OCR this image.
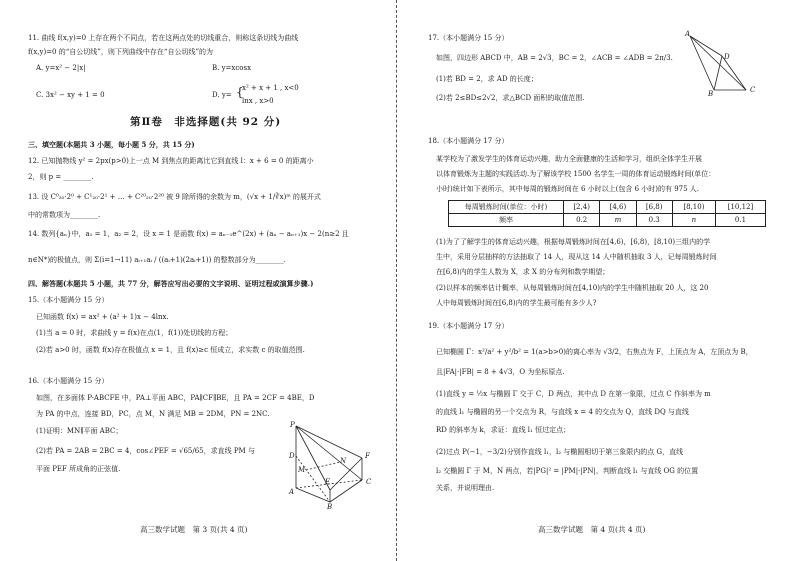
11. 曲线 f(x,y)=0 上存在两个不同点，若在这两点处的切线重合，则称这条切线为曲线
f(x,y)=0 的“自公切线”，则下列曲线中存在“自公切线”的为
A. y=x² − 2|x|	B. y=xcosx
C. 3x² − xy + 1 = 0	D. y= {
x² + x + 1 , x<0
lnx , x>0
第Ⅱ卷　非选择题(共 92 分)
三、填空题(本题共 3 小题，每小题 5 分，共 15 分)
12. 已知抛物线 y² = 2px(p>0)上一点 M 到焦点的距离比它到直线 l：x + 6 = 0 的距离小
2，则 p = ________.
13. 设 C⁰₂₀·2⁰ + C¹₂₀·2¹ + … + C²⁰₂₀·2²⁰ 被 9 除所得的余数为 m，(√x + 1/∛x)ᵐ 的展开式
中的常数项为________.
14. 数列{aₙ}中，a₁ = 1，a₂ = 2，设 x = 1 是函数 f(x) = aₙ₋₁e^(2x) + (aₙ − aₙ₊₁)x − 2(n≥2 且
n∈N*)的极值点，则 Σ(i=1→11) aᵢ₊₁aᵢ / ((aᵢ+1)(2aᵢ+1)) 的整数部分为________.
四、解答题(本题共 5 小题，共 77 分，解答应写出必要的文字说明、证明过程或演算步骤.)
15.（本小题满分 15 分）
已知函数 f(x) = ax² + (a² + 1)x − 4lnx.
(1)当 a = 0 时，求曲线 y = f(x)在点(1，f(1))处切线的方程；
(2)若 a>0 时，函数 f(x)存在极值点 x = 1，且 f(x)≥c 恒成立，求实数 c 的取值范围.
16.（本小题满分 15 分）
如图，在多面体 P-ABCFE 中，PA⊥平面 ABC，PA∥CF∥BE，且 PA = 2CF = 4BE，D
为 PA 的中点，连接 BD，PC，点 M，N 满足 MB = 2DM，PN = 2NC.
(1)证明：MN∥平面 ABC；
(2)若 PA = 2AB = 2BC = 4，cos∠PEF = √65/65，求直线 PM 与
平面 PEF 所成角的正弦值.
P
D
M
N
F
E
A
C
B
高三数学试题　第 3 页(共 4 页)
17.（本小题满分 15 分）
如图，四边形 ABCD 中，AB = 2√3，BC = 2，∠ACB = ∠ADB = 2π/3.
(1)若 BD = 2，求 AD 的长度；
(2)若 2≤BD≤2√2，求△BCD 面积的取值范围.
A
D
B	C
18.（本小题满分 17 分）
某学校为了激发学生的体育运动兴趣，助力全面健康的生活和学习，组织全体学生开展
以体育锻炼为主题的实践活动.为了解该学校 1500 名学生一周的体育运动锻炼时间(单位：
小时)统计如下表所示，其中每周的锻炼时间在 6 小时以上(包含 6 小时)的有 975 人.
每周锻炼时间(单位：小时)	[2,4)	[4,6)	[6,8)	[8,10)	[10,12]
频率	0.2	m	0.3	n	0.1
(1)为了了解学生的体育运动兴趣，根据每周锻炼时间在[4,6)，[6,8)，[8,10)三组内的学
生中，采用分层抽样的方法抽取了 14 人，现从这 14 人中随机抽取 3 人，记每周锻炼时间
在[6,8)内的学生人数为 X，求 X 的分布列和数学期望；
(2)以样本的频率估计概率，从每周锻炼时间在[4,10)内的学生中随机抽取 20 人，这 20
人中每周锻炼时间在[6,8)内的学生最可能有多少人?
19.（本小题满分 17 分）
已知椭圆 Γ：x²/a² + y²/b² = 1(a>b>0)的离心率为 √3/2，右焦点为 F，上顶点为 A，左顶点为 B，
且|FA|·|FB| = 8 + 4√3，O 为坐标原点.
(1)直线 y = ½x 与椭圆 Γ 交于 C，D 两点，其中点 D 在第一象限，过点 C 作斜率为 m
的直线 l₁ 与椭圆的另一个交点为 R，与直线 x = 4 的交点为 Q，直线 DQ 与直线
RD 的斜率为 k，求证：直线 l₁ 恒过定点；
(2)过点 P(−1，−3/2)分别作直线 l₁，l₂ 与椭圆相切于第三象限内的点 G，直线
l₂ 交椭圆 Γ 于 M，N 两点，若|PG|² = |PM|·|PN|，判断直线 l₁ 与直线 OG 的位置
关系，并说明理由.
高三数学试题　第 4 页(共 4 页)
